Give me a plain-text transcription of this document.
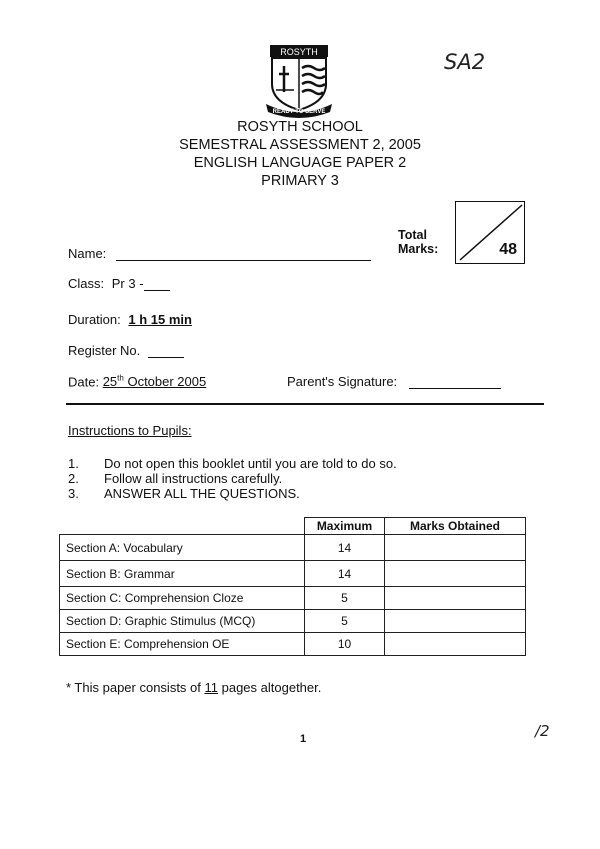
SA2
ROSYTH
READY TO SERVE
ROSYTH SCHOOL
SEMESTRAL ASSESSMENT 2, 2005
ENGLISH LANGUAGE PAPER 2
PRIMARY 3
Total
Marks:	48
Name:
Class: Pr 3 -
Duration: 1 h 15 min
Register No.
Date: 25th October 2005	Parent's Signature:
Instructions to Pupils:
1. Do not open this booklet until you are told to do so.
2. Follow all instructions carefully.
3. ANSWER ALL THE QUESTIONS.
	Maximum	Marks Obtained
Section A: Vocabulary	14	
Section B: Grammar	14	
Section C: Comprehension Cloze	5	
Section D: Graphic Stimulus (MCQ)	5	
Section E: Comprehension OE	10	
* This paper consists of 11 pages altogether.
1	/2
